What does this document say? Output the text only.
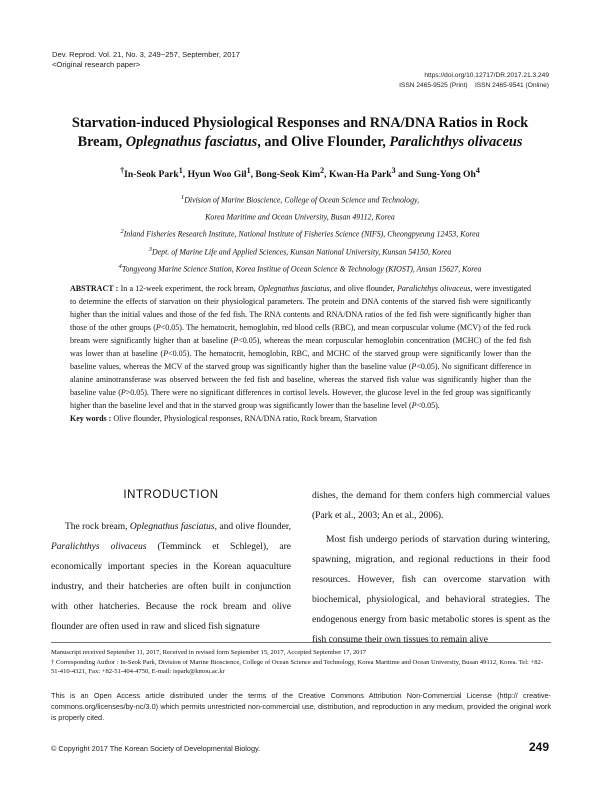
Dev. Reprod. Vol. 21, No. 3, 249~257, September, 2017
<Original research paper>
https://doi.org/10.12717/DR.2017.21.3.249
ISSN 2465-9525 (Print)    ISSN 2465-9541 (Online)
Starvation-induced Physiological Responses and RNA/DNA Ratios in Rock Bream, Oplegnathus fasciatus, and Olive Flounder, Paralichthys olivaceus
†In-Seok Park$^1$, Hyun Woo Gil$^1$, Bong-Seok Kim$^2$, Kwan-Ha Park$^3$ and Sung-Yong Oh$^4$
$^1$Division of Marine Bioscience, College of Ocean Science and Technology,
Korea Maritime and Ocean University, Busan 49112, Korea
$^2$Inland Fisheries Research Institute, National Institute of Fisheries Science (NIFS), Cheongpyeung 12453, Korea
$^3$Dept. of Marine Life and Applied Sciences, Kunsan National University, Kunsan 54150, Korea
$^4$Tongyeong Marine Science Station, Korea Institue of Ocean Science & Technology (KIOST), Ansan 15627, Korea

ABSTRACT : In a 12-week experiment, the rock bream, Oplegnathus fasciatus, and olive flounder, Paralichthys olivaceus, were investigated to determine the effects of starvation on their physiological parameters. The protein and DNA contents of the starved fish were significantly higher than the initial values and those of the fed fish. The RNA contents and RNA/DNA ratios of the fed fish were significantly higher than those of the other groups (P<0.05). The hematocrit, hemoglobin, red blood cells (RBC), and mean corpuscular volume (MCV) of the fed rock bream were significantly higher than at baseline (P<0.05), whereas the mean corpuscular hemoglobin concentration (MCHC) of the fed fish was lower than at baseline (P<0.05). The hematocrit, hemoglobin, RBC, and MCHC of the starved group were significantly lower than the baseline values, whereas the MCV of the starved group was significantly higher than the baseline value (P<0.05). No significant difference in alanine aminotransferase was observed between the fed fish and baseline, whereas the starved fish value was significantly higher than the baseline value (P>0.05). There were no significant differences in cortisol levels. However, the glucose level in the fed group was significantly higher than the baseline level and that in the starved group was significantly lower than the baseline level (P<0.05).

Key words : Olive flounder, Physiological responses, RNA/DNA ratio, Rock bream, Starvation

INTRODUCTION

The rock bream, Oplegnathus fasciatus, and olive flounder, Paralichthys olivaceus (Temminck et Schlegel), are economically important species in the Korean aquaculture industry, and their hatcheries are often built in conjunction with other hatcheries. Because the rock bream and olive flounder are often used in raw and sliced fish signature

dishes, the demand for them confers high commercial values (Park et al., 2003; An et al., 2006).

Most fish undergo periods of starvation during wintering, spawning, migration, and regional reductions in their food resources. However, fish can overcome starvation with biochemical, physiological, and behavioral strategies. The endogenous energy from basic metabolic stores is spent as the fish consume their own tissues to remain alive

Manuscript received September 11, 2017, Received in revised form September 15, 2017, Accepted September 17, 2017
† Corresponding Author : In-Seok Park, Division of Marine Bioscience, College of Ocean Science and Technology, Korea Maritime and Ocean University, Busan 49112, Korea. Tel: +82-51-410-4321, Fax: +82-51-404-4750, E-mail: ispark@kmou.ac.kr
This is an Open Access article distributed under the terms of the Creative Commons Attribution Non-Commercial License (http:// creative-commons.org/licenses/by-nc/3.0) which permits unrestricted non-commercial use, distribution, and reproduction in any medium, provided the original work is properly cited.
© Copyright 2017 The Korean Society of Developmental Biology.	249
